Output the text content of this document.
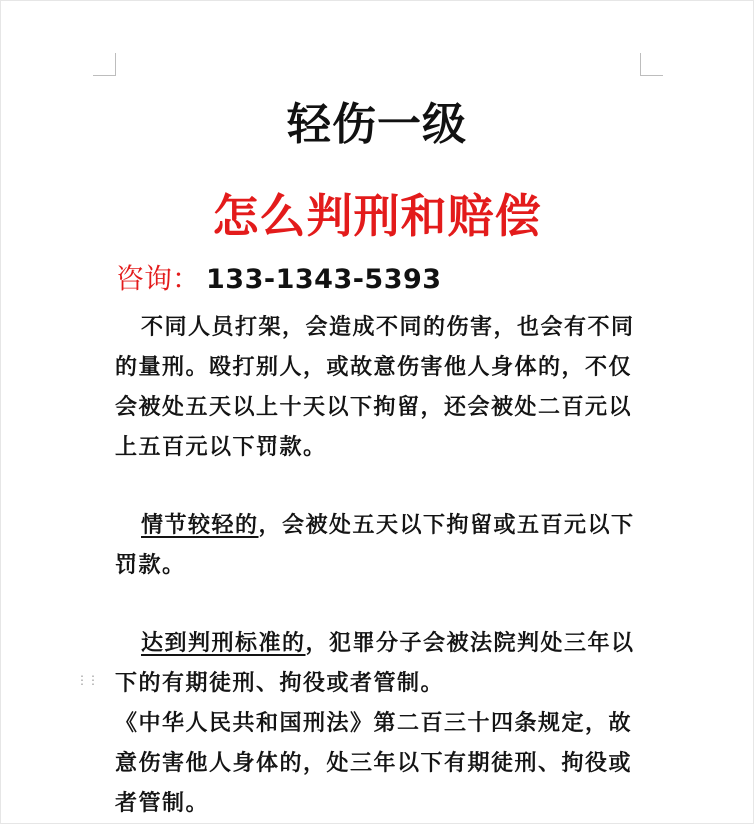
轻伤一级
怎么判刑和赔偿
咨询： 133-1343-5393
⋮⋮

不同人员打架，会造成不同的伤害，也会有不同的量刑。殴打别人，或故意伤害他人身体的，不仅会被处五天以上十天以下拘留，还会被处二百元以上五百元以下罚款。

情节较轻的，会被处五天以下拘留或五百元以下罚款。

达到判刑标准的，犯罪分子会被法院判处三年以下的有期徒刑、拘役或者管制。

《中华人民共和国刑法》第二百三十四条规定，故意伤害他人身体的，处三年以下有期徒刑、拘役或者管制。
